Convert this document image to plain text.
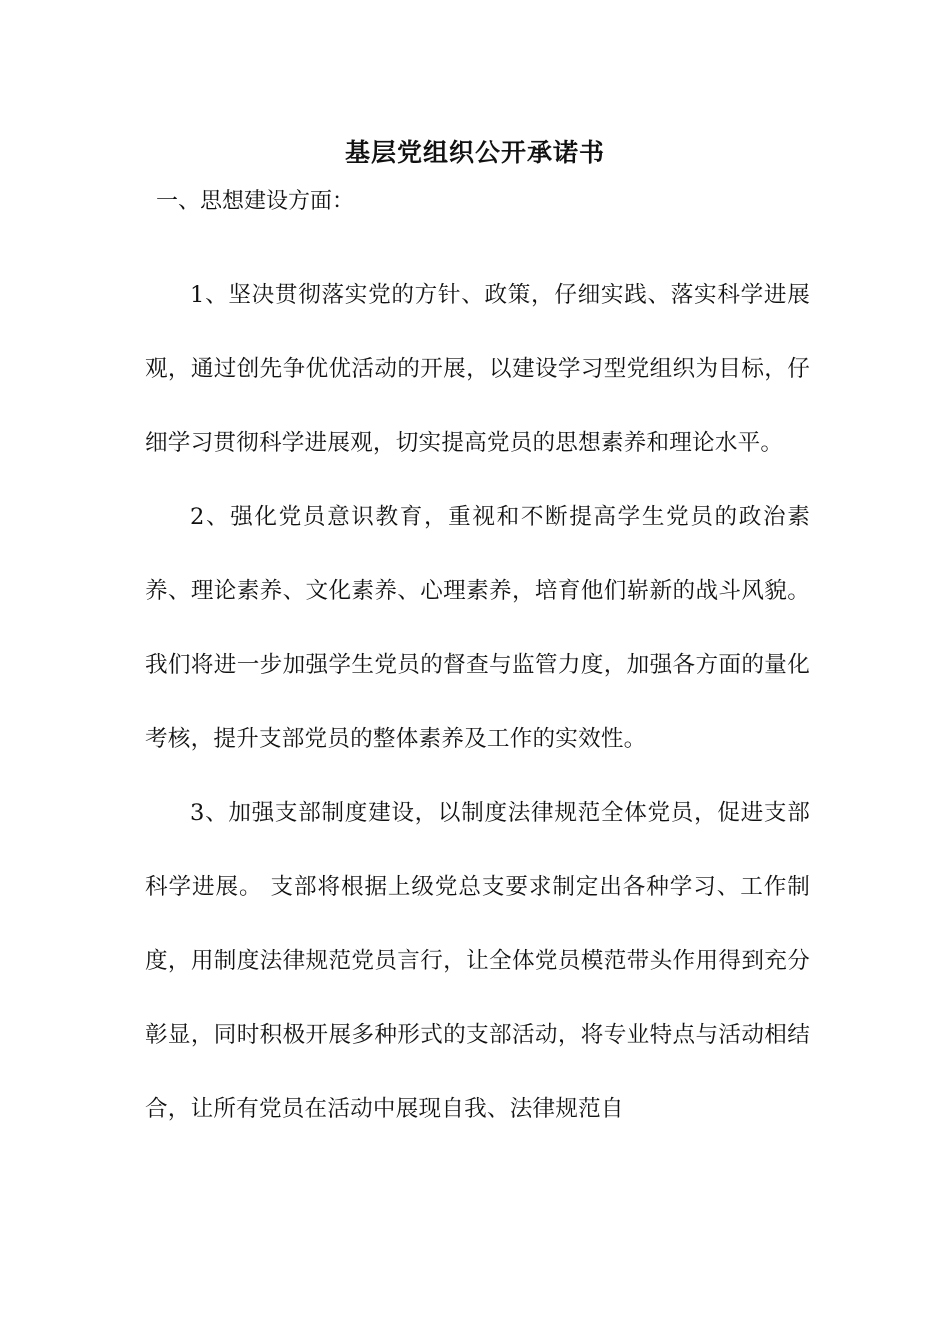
基层党组织公开承诺书
一、思想建设方面：

1、坚决贯彻落实党的方针、政策，仔细实践、落实科学进展观，通过创先争优优活动的开展，以建设学习型党组织为目标，仔细学习贯彻科学进展观，切实提高党员的思想素养和理论水平。

2、强化党员意识教育，重视和不断提高学生党员的政治素养、理论素养、文化素养、心理素养，培育他们崭新的战斗风貌。我们将进一步加强学生党员的督查与监管力度，加强各方面的量化考核，提升支部党员的整体素养及工作的实效性。

3、加强支部制度建设，以制度法律规范全体党员，促进支部科学进展。 支部将根据上级党总支要求制定出各种学习、工作制度，用制度法律规范党员言行，让全体党员模范带头作用得到充分彰显，同时积极开展多种形式的支部活动，将专业特点与活动相结合，让所有党员在活动中展现自我、法律规范自
